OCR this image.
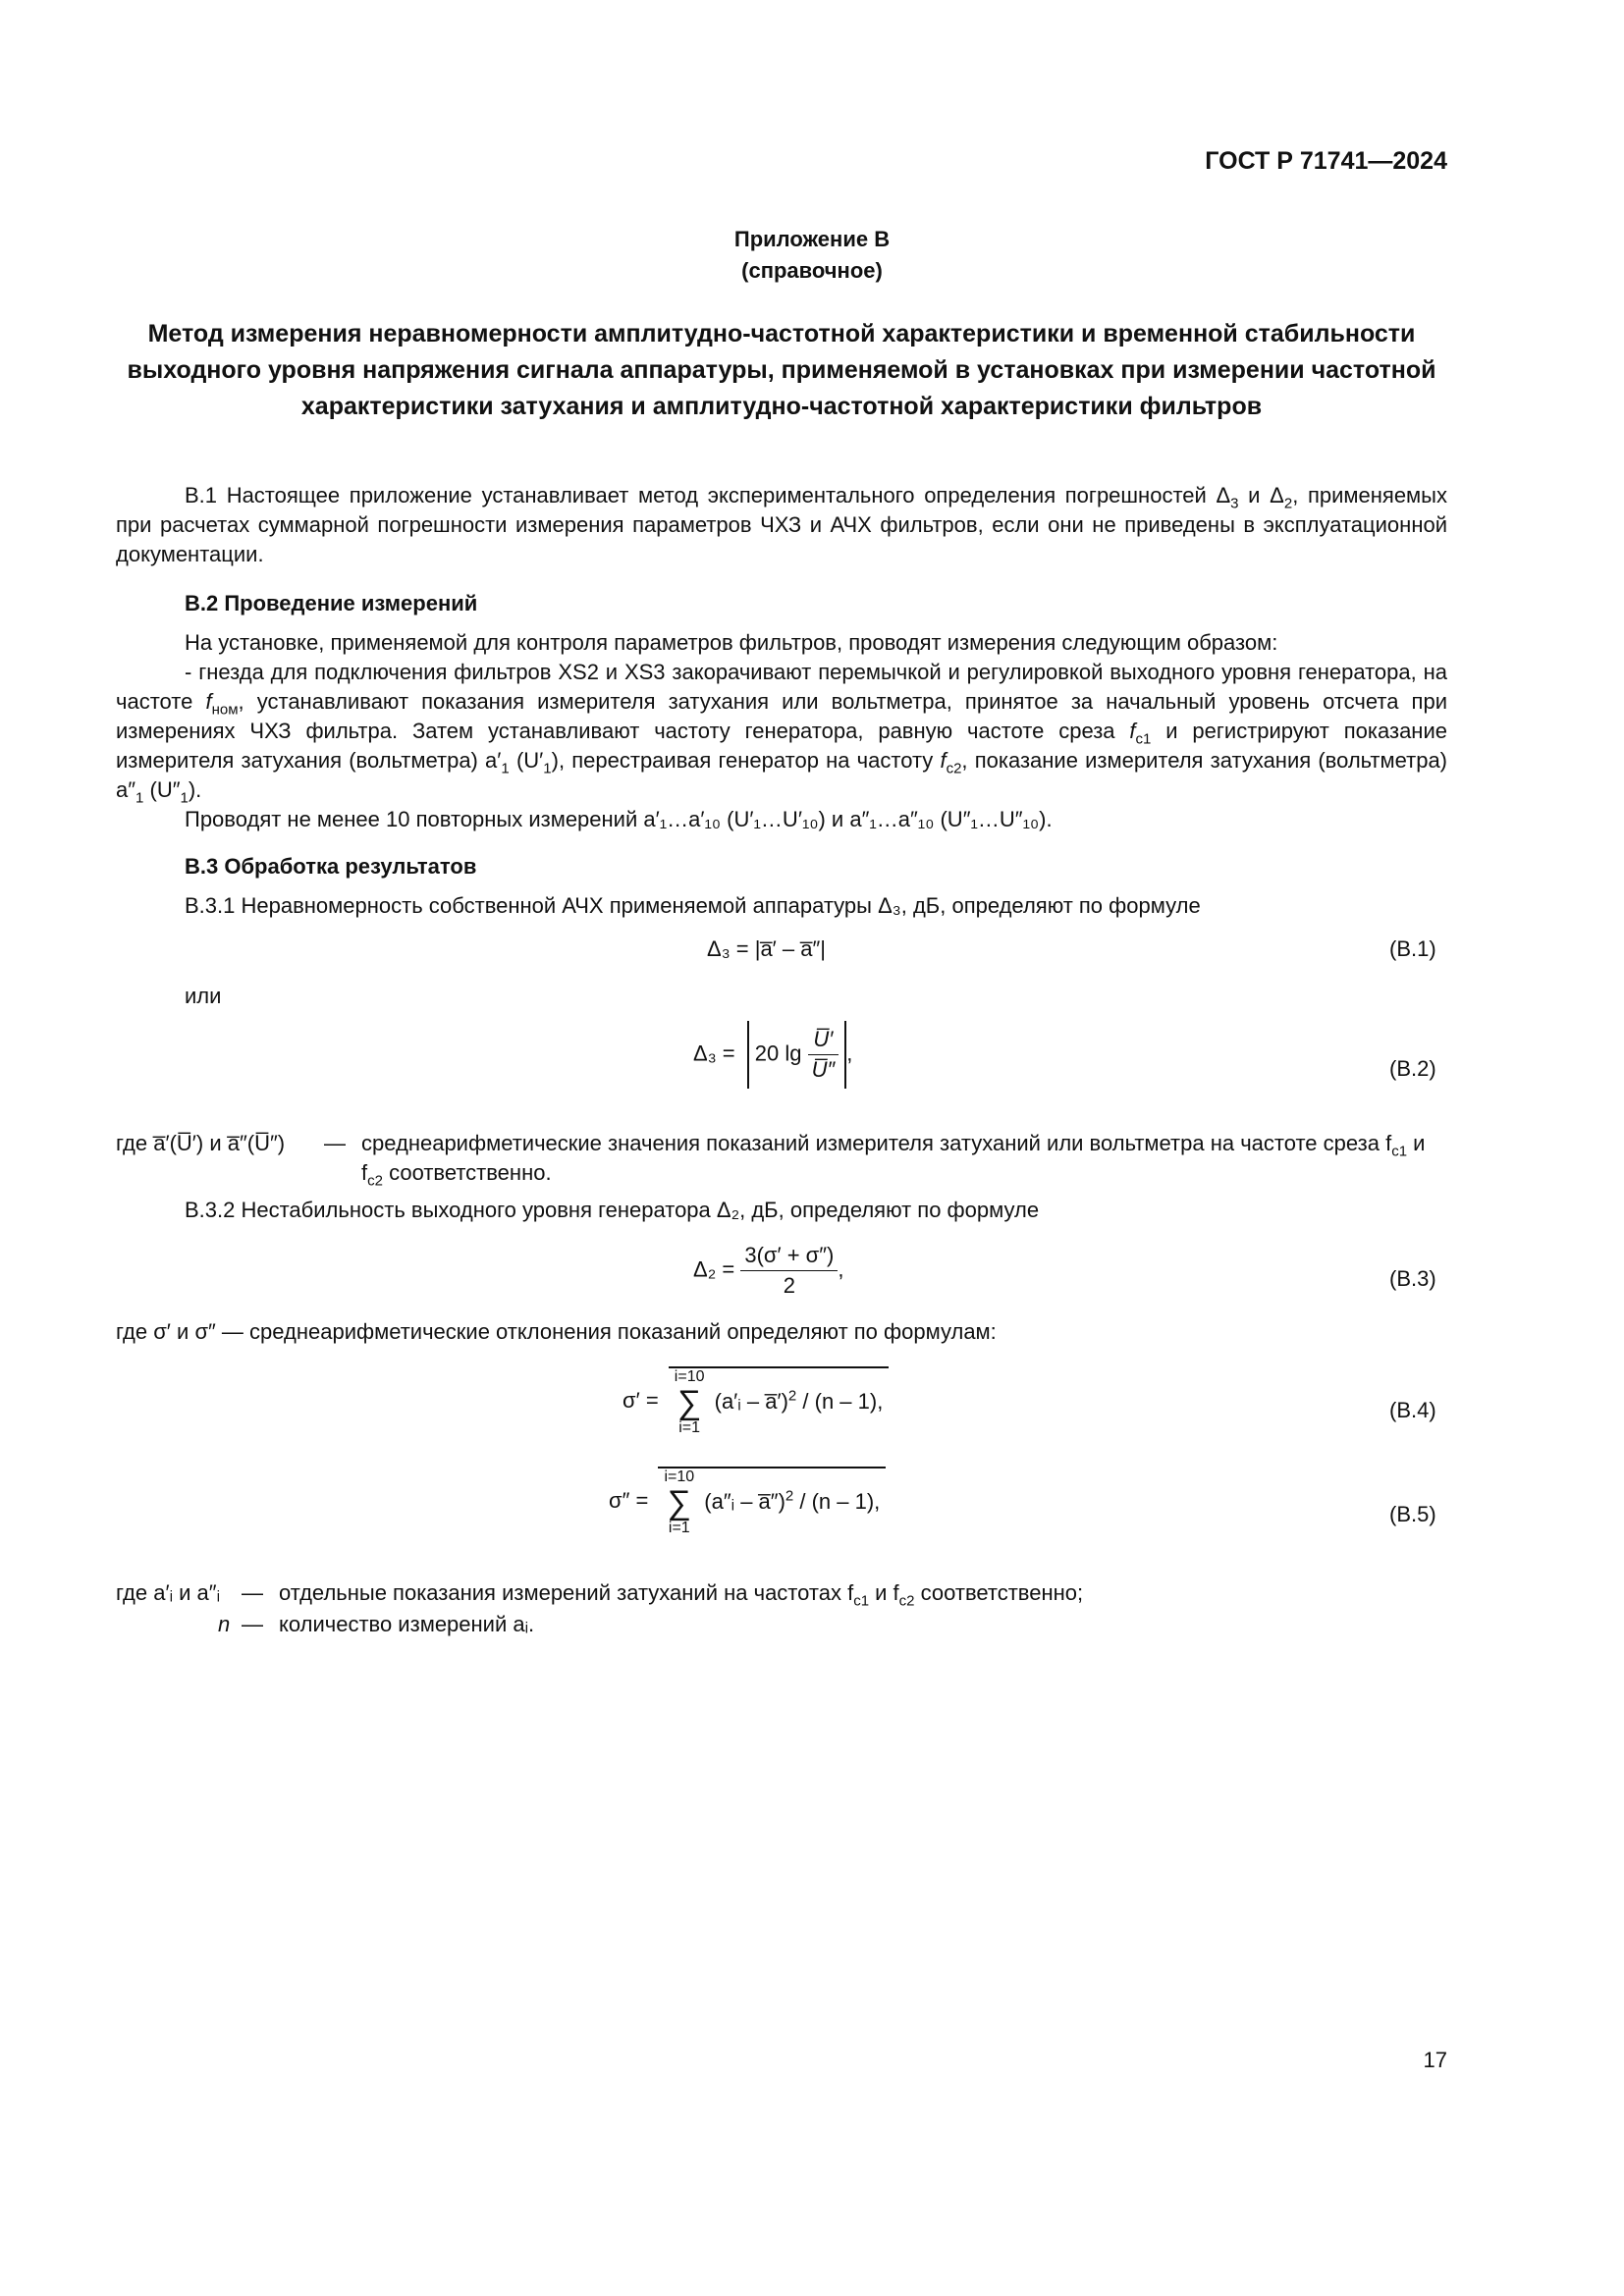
ГОСТ Р 71741—2024
Приложение В
(справочное)
Метод измерения неравномерности амплитудно-частотной характеристики и временной стабильности выходного уровня напряжения сигнала аппаратуры, применяемой в установках при измерении частотной характеристики затухания и амплитудно-частотной характеристики фильтров
В.1 Настоящее приложение устанавливает метод экспериментального определения погрешностей $\Delta_3$ и $\Delta_2$, применяемых при расчетах суммарной погрешности измерения параметров ЧХЗ и АЧХ фильтров, если они не приведены в эксплуатационной документации.
В.2 Проведение измерений
На установке, применяемой для контроля параметров фильтров, проводят измерения следующим образом:
- гнезда для подключения фильтров XS2 и XS3 закорачивают перемычкой и регулировкой выходного уровня генератора, на частоте $f_{ном}$, устанавливают показания измерителя затухания или вольтметра, принятое за начальный уровень отсчета при измерениях ЧХЗ фильтра. Затем устанавливают частоту генератора, равную частоте среза $f_{с1}$ и регистрируют показание измерителя затухания (вольтметра) $a'_1$ $(U'_1)$, перестраивая генератор на частоту $f_{с2}$, показание измерителя затухания (вольтметра) $a''_1$ $(U''_1)$.
Проводят не менее 10 повторных измерений a′₁…a′₁₀ (U′₁…U′₁₀) и a″₁…a″₁₀ (U″₁…U″₁₀).
В.3 Обработка результатов
В.3.1 Неравномерность собственной АЧХ применяемой аппаратуры Δ₃, дБ, определяют по формуле
Δ₃ = |a̅′ – a̅″|	(В.1)
или
Δ₃ = 20 $\lg \frac{U̅'}{U̅''}$ ,
(В.2)
где a̅′(U̅′) и a̅″(U̅″) — среднеарифметические значения показаний измерителя затуханий или вольтметра на частоте среза $f_{с1}$ и $f_{с2}$ соответственно.
В.3.2 Нестабильность выходного уровня генератора Δ₂, дБ, определяют по формуле
$\Delta_2 = \frac{3(\sigma' + \sigma'')}{2}$ ,	(В.3)
где σ′ и σ″ — среднеарифметические отклонения показаний определяют по формулам:
σ′ = i=10
∑
i=1 (a′ᵢ – a̅′)$^2$ / (n – 1),	(В.4)
σ″ = i=10
∑
i=1 (a″ᵢ – a̅″)$^2$ / (n – 1),
(В.5)
где a′ᵢ и a″ᵢ — отдельные показания измерений затуханий на частотах $f_{с1}$ и $f_{с2}$ соответственно;
n — количество измерений aᵢ.
17
